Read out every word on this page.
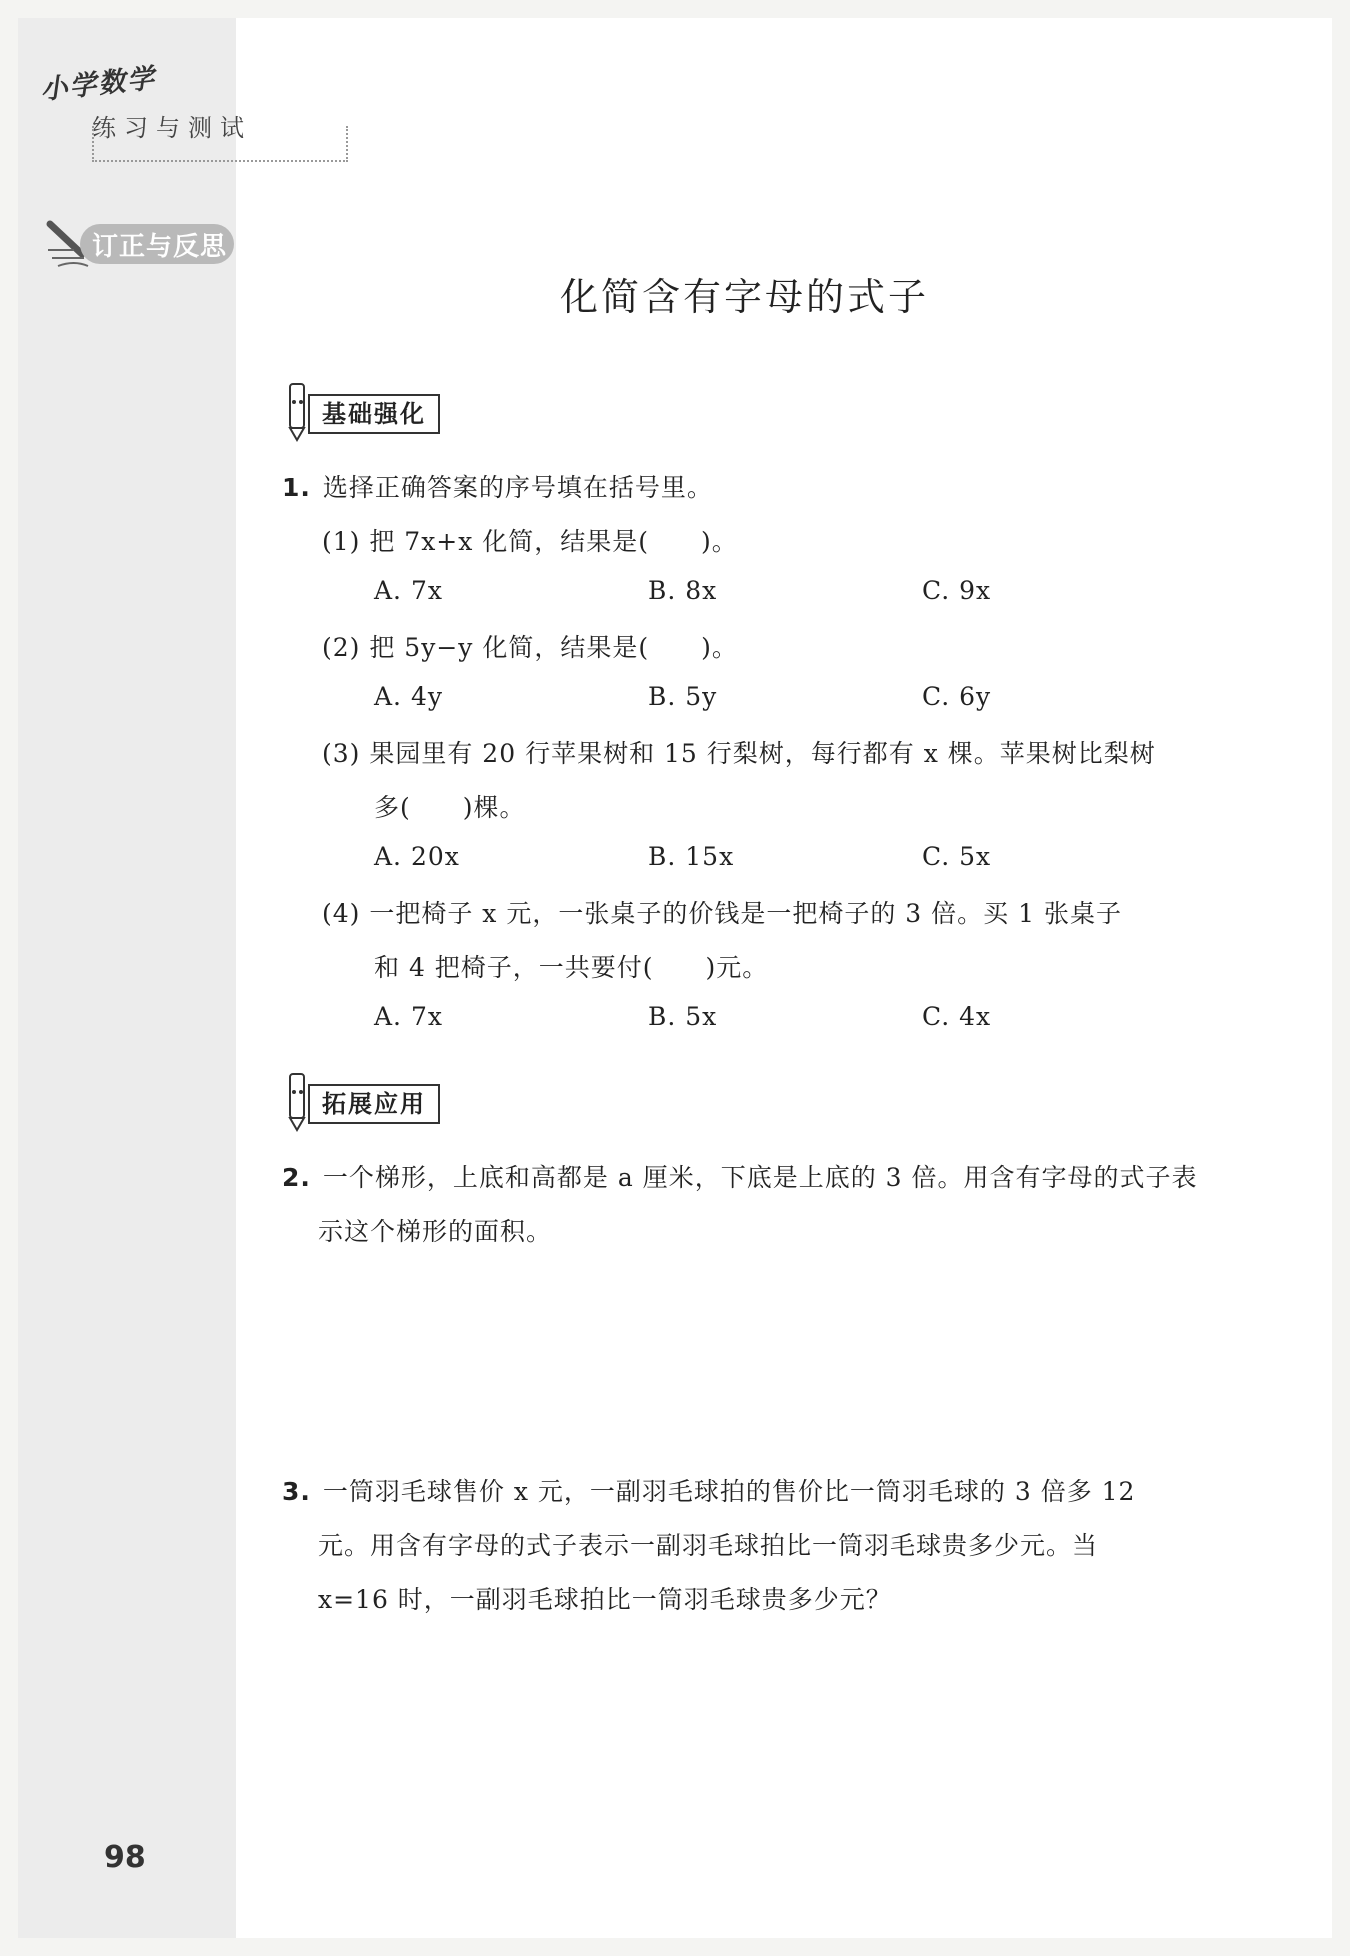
小学数学
练习与测试
订正与反思
化简含有字母的式子
基础强化
1. 选择正确答案的序号填在括号里。
(1) 把 7x+x 化简，结果是(　　)。
A. 7x	B. 8x	C. 9x
(2) 把 5y−y 化简，结果是(　　)。
A. 4y	B. 5y	C. 6y
(3) 果园里有 20 行苹果树和 15 行梨树，每行都有 x 棵。苹果树比梨树
多(　　)棵。
A. 20x	B. 15x	C. 5x
(4) 一把椅子 x 元，一张桌子的价钱是一把椅子的 3 倍。买 1 张桌子
和 4 把椅子，一共要付(　　)元。
A. 7x	B. 5x	C. 4x
拓展应用
2. 一个梯形，上底和高都是 a 厘米，下底是上底的 3 倍。用含有字母的式子表
示这个梯形的面积。
3. 一筒羽毛球售价 x 元，一副羽毛球拍的售价比一筒羽毛球的 3 倍多 12
元。用含有字母的式子表示一副羽毛球拍比一筒羽毛球贵多少元。当
x=16 时，一副羽毛球拍比一筒羽毛球贵多少元？
98
